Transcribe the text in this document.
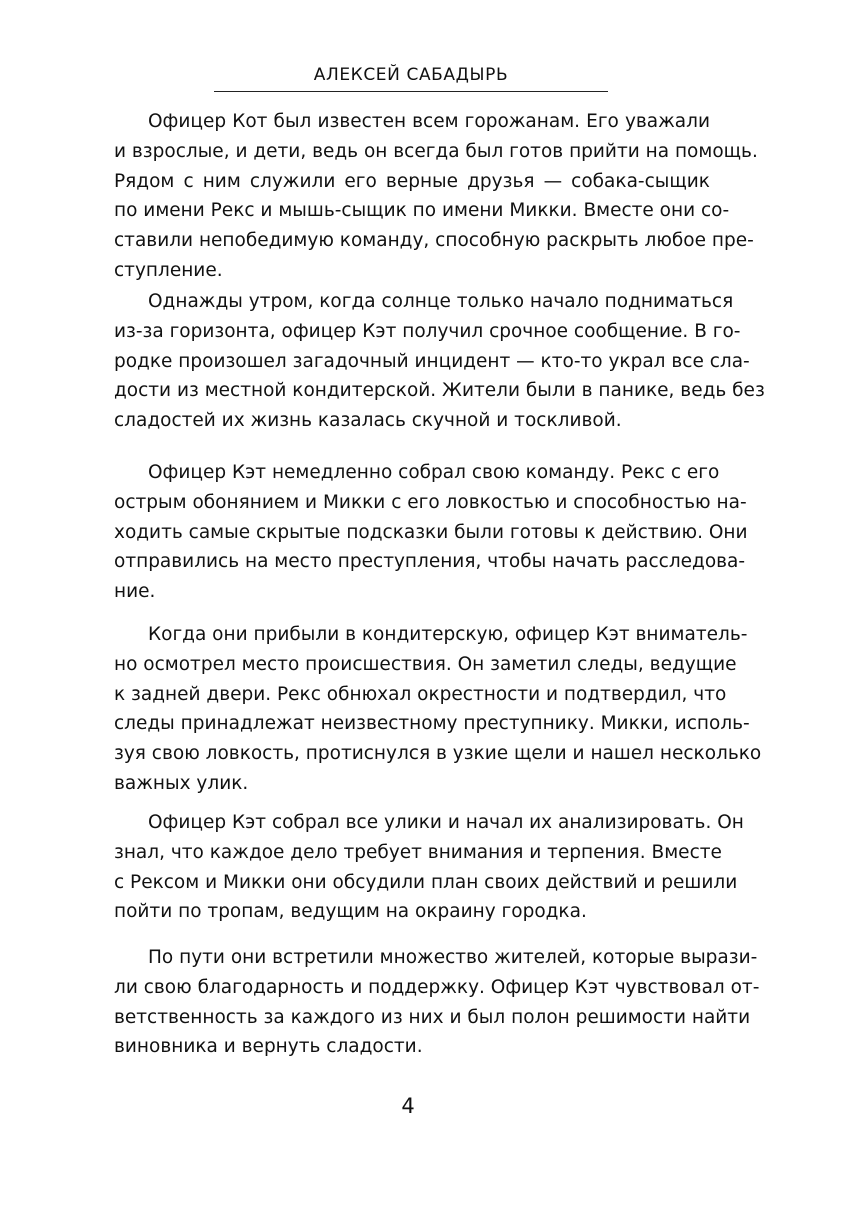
АЛЕКСЕЙ САБАДЫРЬ
Офицер Кот был известен всем горожанам. Его уважали
и взрослые, и дети, ведь он всегда был готов прийти на помощь.
Рядом с ним служили его верные друзья — собака-сыщик
по имени Рекс и мышь-сыщик по имени Микки. Вместе они со-
ставили непобедимую команду, способную раскрыть любое пре-
ступление.
Однажды утром, когда солнце только начало подниматься
из-за горизонта, офицер Кэт получил срочное сообщение. В го-
родке произошел загадочный инцидент — кто-то украл все сла-
дости из местной кондитерской. Жители были в панике, ведь без
сладостей их жизнь казалась скучной и тоскливой.
Офицер Кэт немедленно собрал свою команду. Рекс с его
острым обонянием и Микки с его ловкостью и способностью на-
ходить самые скрытые подсказки были готовы к действию. Они
отправились на место преступления, чтобы начать расследова-
ние.
Когда они прибыли в кондитерскую, офицер Кэт вниматель-
но осмотрел место происшествия. Он заметил следы, ведущие
к задней двери. Рекс обнюхал окрестности и подтвердил, что
следы принадлежат неизвестному преступнику. Микки, исполь-
зуя свою ловкость, протиснулся в узкие щели и нашел несколько
важных улик.
Офицер Кэт собрал все улики и начал их анализировать. Он
знал, что каждое дело требует внимания и терпения. Вместе
с Рексом и Микки они обсудили план своих действий и решили
пойти по тропам, ведущим на окраину городка.
По пути они встретили множество жителей, которые вырази-
ли свою благодарность и поддержку. Офицер Кэт чувствовал от-
ветственность за каждого из них и был полон решимости найти
виновника и вернуть сладости.
4
